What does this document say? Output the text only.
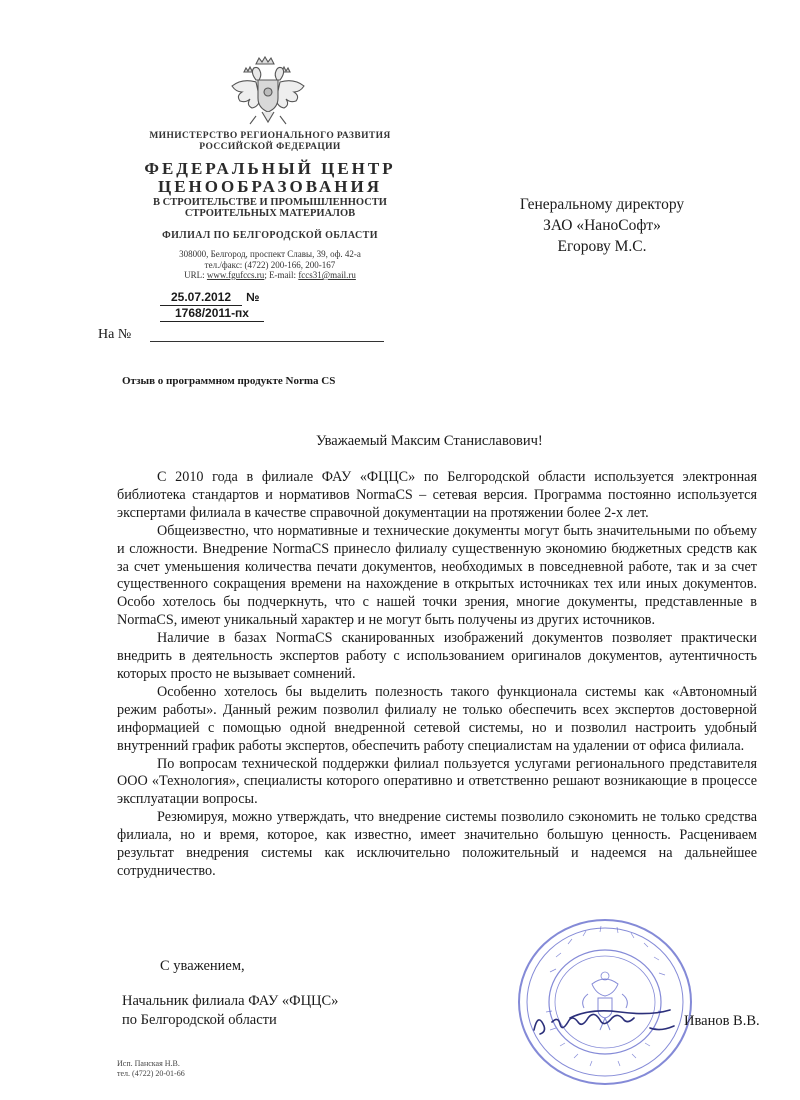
МИНИСТЕРСТВО РЕГИОНАЛЬНОГО РАЗВИТИЯ
РОССИЙСКОЙ ФЕДЕРАЦИИ
ФЕДЕРАЛЬНЫЙ ЦЕНТР
ЦЕНООБРАЗОВАНИЯ
В СТРОИТЕЛЬСТВЕ И ПРОМЫШЛЕННОСТИ
СТРОИТЕЛЬНЫХ МАТЕРИАЛОВ
ФИЛИАЛ ПО БЕЛГОРОДСКОЙ ОБЛАСТИ
308000, Белгород, проспект Славы, 39, оф. 42-а
тел./факс: (4722) 200-166, 200-167
URL: www.fgufccs.ru; E-mail: fccs31@mail.ru
25.07.2012 №1768/2011-пх
На №
Генеральному директору
ЗАО «НаноСофт»
Егорову М.С.
Отзыв о программном продукте Norma CS
Уважаемый Максим Станиславович!

С 2010 года в филиале ФАУ «ФЦЦС» по Белгородской области используется электронная библиотека стандартов и нормативов NormaCS – сетевая версия. Программа постоянно используется экспертами филиала в качестве справочной документации на протяжении более 2-х лет.

Общеизвестно, что нормативные и технические документы могут быть значительными по объему и сложности. Внедрение NormaCS принесло филиалу существенную экономию бюджетных средств как за счет уменьшения количества печати документов, необходимых в повседневной работе, так и за счет существенного сокращения времени на нахождение в открытых источниках тех или иных документов. Особо хотелось бы подчеркнуть, что с нашей точки зрения, многие документы, представленные в NormaCS, имеют уникальный характер и не могут быть получены из других источников.

Наличие в базах NormaCS сканированных изображений документов позволяет практически внедрить в деятельность экспертов работу с использованием оригиналов документов, аутентичность которых просто не вызывает сомнений.

Особенно хотелось бы выделить полезность такого функционала системы как «Автономный режим работы». Данный режим позволил филиалу не только обеспечить всех экспертов достоверной информацией с помощью одной внедренной сетевой системы, но и позволил настроить удобный внутренний график работы экспертов, обеспечить работу специалистам на удалении от офиса филиала.

По вопросам технической поддержки филиал пользуется услугами регионального представителя ООО «Технология», специалисты которого оперативно и ответственно решают возникающие в процессе эксплуатации вопросы.

Резюмируя, можно утверждать, что внедрение системы позволило сэкономить не только средства филиала, но и время, которое, как известно, имеет значительно большую ценность. Расцениваем результат внедрения системы как исключительно положительный и надеемся на дальнейшее сотрудничество.

С уважением,
Начальник филиала ФАУ «ФЦЦС»
по Белгородской области	Иванов В.В.
Исп. Панская Н.В.
тел. (4722) 20-01-66
